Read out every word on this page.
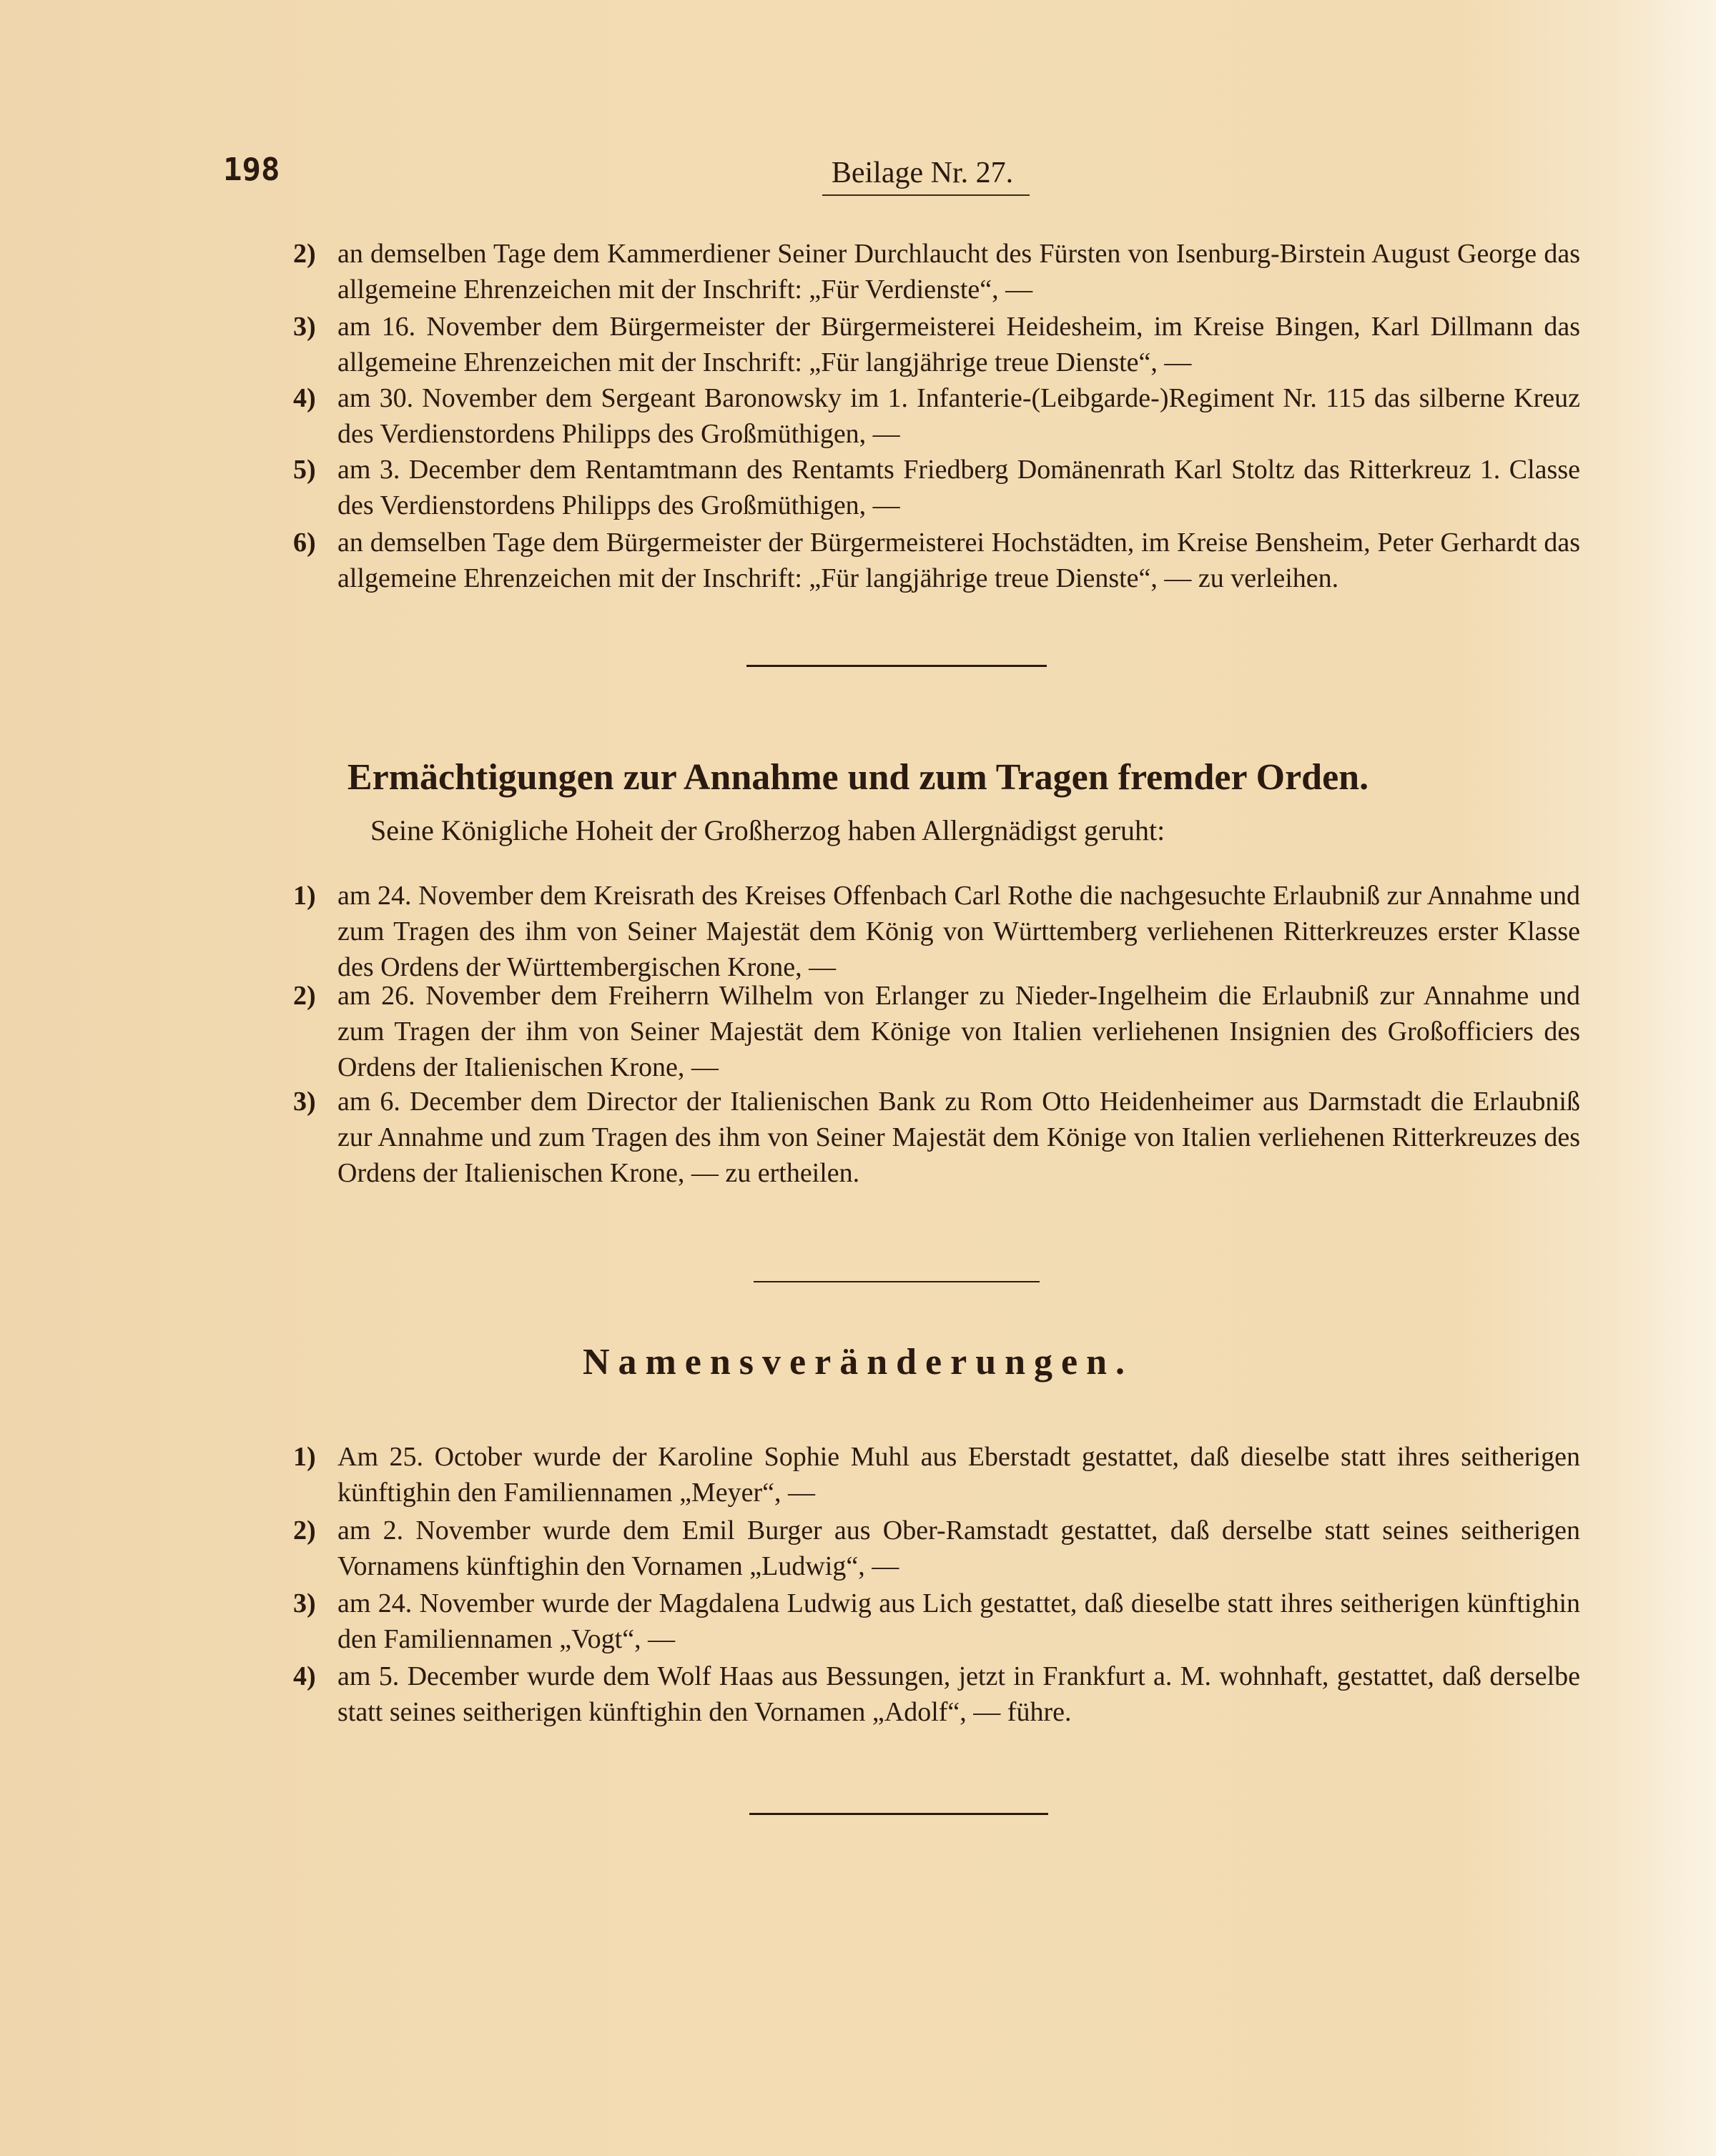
198	Beilage Nr. 27.
2) an demselben Tage dem Kammerdiener Seiner Durchlaucht des Fürsten von Isenburg-Birstein August George das allgemeine Ehrenzeichen mit der Inschrift: „Für Verdienste“, —
3) am 16. November dem Bürgermeister der Bürgermeisterei Heidesheim, im Kreise Bingen, Karl Dillmann das allgemeine Ehrenzeichen mit der Inschrift: „Für langjährige treue Dienste“, —
4) am 30. November dem Sergeant Baronowsky im 1. Infanterie-(Leibgarde-)Regiment Nr. 115 das silberne Kreuz des Verdienstordens Philipps des Großmüthigen, —
5) am 3. December dem Rentamtmann des Rentamts Friedberg Domänenrath Karl Stoltz das Ritterkreuz 1. Classe des Verdienstordens Philipps des Großmüthigen, —
6) an demselben Tage dem Bürgermeister der Bürgermeisterei Hochstädten, im Kreise Bensheim, Peter Gerhardt das allgemeine Ehrenzeichen mit der Inschrift: „Für langjährige treue Dienste“, — zu verleihen.
Ermächtigungen zur Annahme und zum Tragen fremder Orden.
Seine Königliche Hoheit der Großherzog haben Allergnädigst geruht:
1) am 24. November dem Kreisrath des Kreises Offenbach Carl Rothe die nachgesuchte Erlaubniß zur Annahme und zum Tragen des ihm von Seiner Majestät dem König von Württemberg verliehenen Ritterkreuzes erster Klasse des Ordens der Württembergischen Krone, —
2) am 26. November dem Freiherrn Wilhelm von Erlanger zu Nieder-Ingelheim die Erlaubniß zur Annahme und zum Tragen der ihm von Seiner Majestät dem Könige von Italien verliehenen Insignien des Großofficiers des Ordens der Italienischen Krone, —
3) am 6. December dem Director der Italienischen Bank zu Rom Otto Heidenheimer aus Darmstadt die Erlaubniß zur Annahme und zum Tragen des ihm von Seiner Majestät dem Könige von Italien verliehenen Ritterkreuzes des Ordens der Italienischen Krone, — zu ertheilen.
Namensveränderungen.
1) Am 25. October wurde der Karoline Sophie Muhl aus Eberstadt gestattet, daß dieselbe statt ihres seitherigen künftighin den Familiennamen „Meyer“, —
2) am 2. November wurde dem Emil Burger aus Ober-Ramstadt gestattet, daß derselbe statt seines seitherigen Vornamens künftighin den Vornamen „Ludwig“, —
3) am 24. November wurde der Magdalena Ludwig aus Lich gestattet, daß dieselbe statt ihres seitherigen künftighin den Familiennamen „Vogt“, —
4) am 5. December wurde dem Wolf Haas aus Bessungen, jetzt in Frankfurt a. M. wohnhaft, gestattet, daß derselbe statt seines seitherigen künftighin den Vornamen „Adolf“, — führe.
